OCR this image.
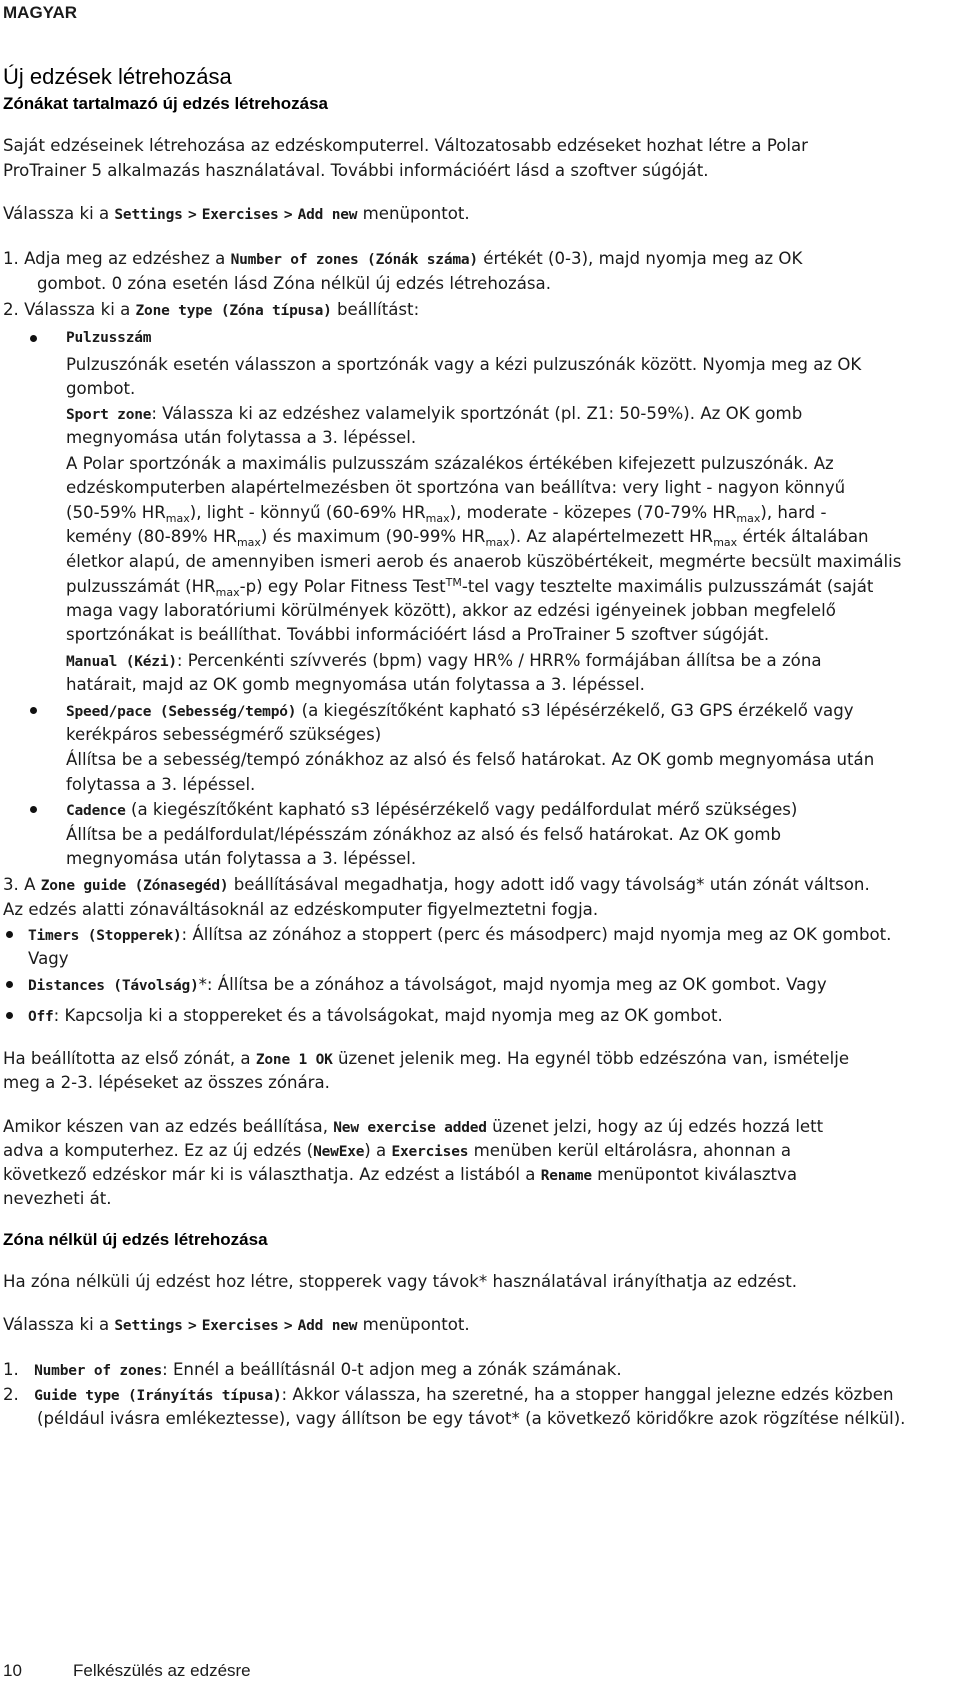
MAGYAR
Új edzések létrehozása
Zónákat tartalmazó új edzés létrehozása
Saját edzéseinek létrehozása az edzéskomputerrel. Változatosabb edzéseket hozhat létre a Polar
ProTrainer 5 alkalmazás használatával. További információért lásd a szoftver súgóját.
Válassza ki a Settings > Exercises > Add new menüpontot.
1. Adja meg az edzéshez a Number of zones (Zónák száma) értékét (0-3), majd nyomja meg az OK
gombot. 0 zóna esetén lásd Zóna nélkül új edzés létrehozása.
2. Válassza ki a Zone type (Zóna típusa) beállítást:
Pulzusszám
Pulzuszónák esetén válasszon a sportzónák vagy a kézi pulzuszónák között. Nyomja meg az OK
gombot.
Sport zone: Válassza ki az edzéshez valamelyik sportzónát (pl. Z1: 50-59%). Az OK gomb
megnyomása után folytassa a 3. lépéssel.
A Polar sportzónák a maximális pulzusszám százalékos értékében kifejezett pulzuszónák. Az
edzéskomputerben alapértelmezésben öt sportzóna van beállítva: very light - nagyon könnyű
(50-59% $HR_{max}$), light - könnyű (60-69% $HR_{max}$), moderate - közepes (70-79% $HR_{max}$), hard -
kemény (80-89% $HR_{max}$) és maximum (90-99% $HR_{max}$). Az alapértelmezett $HR_{max}$ érték általában
életkor alapú, de amennyiben ismeri aerob és anaerob küszöbértékeit, megmérte becsült maximális
pulzusszámát $(HR_{max}-p)$ egy Polar Fitness Test™-tel vagy tesztelte maximális pulzusszámát (saját
maga vagy laboratóriumi körülmények között), akkor az edzési igényeinek jobban megfelelő
sportzónákat is beállíthat. További információért lásd a ProTrainer 5 szoftver súgóját.
Manual (Kézi): Percenkénti szívverés (bpm) vagy HR% / HRR% formájában állítsa be a zóna
határait, majd az OK gomb megnyomása után folytassa a 3. lépéssel.
Speed/pace (Sebesség/tempó) (a kiegészítőként kapható s3 lépésérzékelő, G3 GPS érzékelő vagy
kerékpáros sebességmérő szükséges)
Állítsa be a sebesség/tempó zónákhoz az alsó és felső határokat. Az OK gomb megnyomása után
folytassa a 3. lépéssel.
Cadence (a kiegészítőként kapható s3 lépésérzékelő vagy pedálfordulat mérő szükséges)
Állítsa be a pedálfordulat/lépésszám zónákhoz az alsó és felső határokat. Az OK gomb
megnyomása után folytassa a 3. lépéssel.
3. A Zone guide (Zónasegéd) beállításával megadhatja, hogy adott idő vagy távolság* után zónát váltson.
Az edzés alatti zónaváltásoknál az edzéskomputer figyelmeztetni fogja.
Timers (Stopperek): Állítsa az zónához a stoppert (perc és másodperc) majd nyomja meg az OK gombot.
Vagy
Distances (Távolság)*: Állítsa be a zónához a távolságot, majd nyomja meg az OK gombot. Vagy
Off: Kapcsolja ki a stoppereket és a távolságokat, majd nyomja meg az OK gombot.
Ha beállította az első zónát, a Zone 1 OK üzenet jelenik meg. Ha egynél több edzészóna van, ismételje
meg a 2-3. lépéseket az összes zónára.
Amikor készen van az edzés beállítása, New exercise added üzenet jelzi, hogy az új edzés hozzá lett
adva a komputerhez. Ez az új edzés (NewExe) a Exercises menüben kerül eltárolásra, ahonnan a
következő edzéskor már ki is választhatja. Az edzést a listából a Rename menüpontot kiválasztva
nevezheti át.
Zóna nélkül új edzés létrehozása
Ha zóna nélküli új edzést hoz létre, stopperek vagy távok* használatával irányíthatja az edzést.
Válassza ki a Settings > Exercises > Add new menüpontot.
1. Number of zones: Ennél a beállításnál 0-t adjon meg a zónák számának.
2. Guide type (Irányítás típusa): Akkor válassza, ha szeretné, ha a stopper hanggal jelezne edzés közben
(például ivásra emlékeztesse), vagy állítson be egy távot* (a következő köridőkre azok rögzítése nélkül).
10	Felkészülés az edzésre
